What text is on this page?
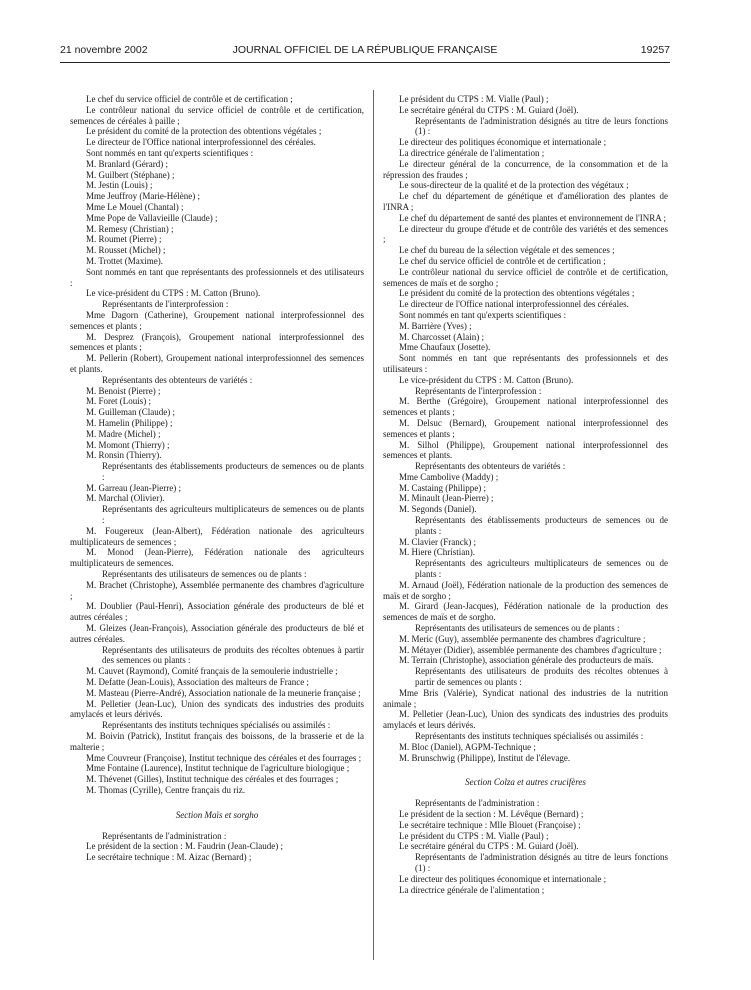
21 novembre 2002	JOURNAL OFFICIEL DE LA RÉPUBLIQUE FRANÇAISE	19257

Le chef du service officiel de contrôle et de certification ;

Le contrôleur national du service officiel de contrôle et de certification, semences de céréales à paille ;

Le président du comité de la protection des obtentions végétales ;

Le directeur de l'Office national interprofessionnel des céréales.

Sont nommés en tant qu'experts scientifiques :

M. Branlard (Gérard) ;

M. Guilbert (Stéphane) ;

M. Jestin (Louis) ;

Mme Jeuffroy (Marie-Hélène) ;

Mme Le Mouel (Chantal) ;

Mme Pope de Vallavieille (Claude) ;

M. Remesy (Christian) ;

M. Roumet (Pierre) ;

M. Rousset (Michel) ;

M. Trottet (Maxime).

Sont nommés en tant que représentants des professionnels et des utilisateurs :

Le vice-président du CTPS : M. Catton (Bruno).

Représentants de l'interprofession :

Mme Dagorn (Catherine), Groupement national interprofessionnel des semences et plants ;

M. Desprez (François), Groupement national interprofessionnel des semences et plants ;

M. Pellerin (Robert), Groupement national interprofessionnel des semences et plants.

Représentants des obtenteurs de variétés :

M. Benoist (Pierre) ;

M. Foret (Louis) ;

M. Guilleman (Claude) ;

M. Hamelin (Philippe) ;

M. Madre (Michel) ;

M. Momont (Thierry) ;

M. Ronsin (Thierry).

Représentants des établissements producteurs de semences ou de plants :

M. Garreau (Jean-Pierre) ;

M. Marchal (Olivier).

Représentants des agriculteurs multiplicateurs de semences ou de plants :

M. Fougereux (Jean-Albert), Fédération nationale des agriculteurs multiplicateurs de semences ;

M. Monod (Jean-Pierre), Fédération nationale des agriculteurs multiplicateurs de semences.

Représentants des utilisateurs de semences ou de plants :

M. Brachet (Christophe), Assemblée permanente des chambres d'agriculture ;

M. Doublier (Paul-Henri), Association générale des producteurs de blé et autres céréales ;

M. Gleizes (Jean-François), Association générale des producteurs de blé et autres céréales.

Représentants des utilisateurs de produits des récoltes obtenues à partir des semences ou plants :

M. Cauvet (Raymond), Comité français de la semoulerie industrielle ;

M. Defatte (Jean-Louis), Association des malteurs de France ;

M. Masteau (Pierre-André), Association nationale de la meunerie française ;

M. Pelletier (Jean-Luc), Union des syndicats des industries des produits amylacés et leurs dérivés.

Représentants des instituts techniques spécialisés ou assimilés :

M. Boivin (Patrick), Institut français des boissons, de la brasserie et de la malterie ;

Mme Couvreur (Françoise), Institut technique des céréales et des fourrages ;

Mme Fontaine (Laurence), Institut technique de l'agriculture biologique ;

M. Thévenet (Gilles), Institut technique des céréales et des fourrages ;

M. Thomas (Cyrille), Centre français du riz.

Section Maïs et sorgho

Représentants de l'administration :

Le président de la section : M. Faudrin (Jean-Claude) ;

Le secrétaire technique : M. Aizac (Bernard) ;

Le président du CTPS : M. Vialle (Paul) ;

Le secrétaire général du CTPS : M. Guiard (Joël).

Représentants de l'administration désignés au titre de leurs fonctions (1) :

Le directeur des politiques économique et internationale ;

La directrice générale de l'alimentation ;

Le directeur général de la concurrence, de la consommation et de la répression des fraudes ;

Le sous-directeur de la qualité et de la protection des végétaux ;

Le chef du département de génétique et d'amélioration des plantes de l'INRA ;

Le chef du département de santé des plantes et environnement de l'INRA ;

Le directeur du groupe d'étude et de contrôle des variétés et des semences ;

Le chef du bureau de la sélection végétale et des semences ;

Le chef du service officiel de contrôle et de certification ;

Le contrôleur national du service officiel de contrôle et de certification, semences de maïs et de sorgho ;

Le président du comité de la protection des obtentions végétales ;

Le directeur de l'Office national interprofessionnel des céréales.

Sont nommés en tant qu'experts scientifiques :

M. Barrière (Yves) ;

M. Charcosset (Alain) ;

Mme Chaufaux (Josette).

Sont nommés en tant que représentants des professionnels et des utilisateurs :

Le vice-président du CTPS : M. Catton (Bruno).

Représentants de l'interprofession :

M. Berthe (Grégoire), Groupement national interprofessionnel des semences et plants ;

M. Delsuc (Bernard), Groupement national interprofessionnel des semences et plants ;

M. Silhol (Philippe), Groupement national interprofessionnel des semences et plants.

Représentants des obtenteurs de variétés :

Mme Cambolive (Maddy) ;

M. Castaing (Philippe) ;

M. Minault (Jean-Pierre) ;

M. Segonds (Daniel).

Représentants des établissements producteurs de semences ou de plants :

M. Clavier (Franck) ;

M. Hiere (Christian).

Représentants des agriculteurs multiplicateurs de semences ou de plants :

M. Arnaud (Joël), Fédération nationale de la production des semences de maïs et de sorgho ;

M. Girard (Jean-Jacques), Fédération nationale de la production des semences de maïs et de sorgho.

Représentants des utilisateurs de semences ou de plants :

M. Meric (Guy), assemblée permanente des chambres d'agriculture ;

M. Métayer (Didier), assemblée permanente des chambres d'agriculture ;

M. Terrain (Christophe), association générale des producteurs de maïs.

Représentants des utilisateurs de produits des récoltes obtenues à partir de semences ou plants :

Mme Bris (Valérie), Syndicat national des industries de la nutrition animale ;

M. Pelletier (Jean-Luc), Union des syndicats des industries des produits amylacés et leurs dérivés.

Représentants des instituts techniques spécialisés ou assimilés :

M. Bloc (Daniel), AGPM-Technique ;

M. Brunschwig (Philippe), Institut de l'élevage.

Section Colza et autres crucifères

Représentants de l'administration :

Le président de la section : M. Lévêque (Bernard) ;

Le secrétaire technique : Mlle Blouet (Françoise) ;

Le président du CTPS : M. Vialle (Paul) ;

Le secrétaire général du CTPS : M. Guiard (Joël).

Représentants de l'administration désignés au titre de leurs fonctions (1) :

Le directeur des politiques économique et internationale ;

La directrice générale de l'alimentation ;
